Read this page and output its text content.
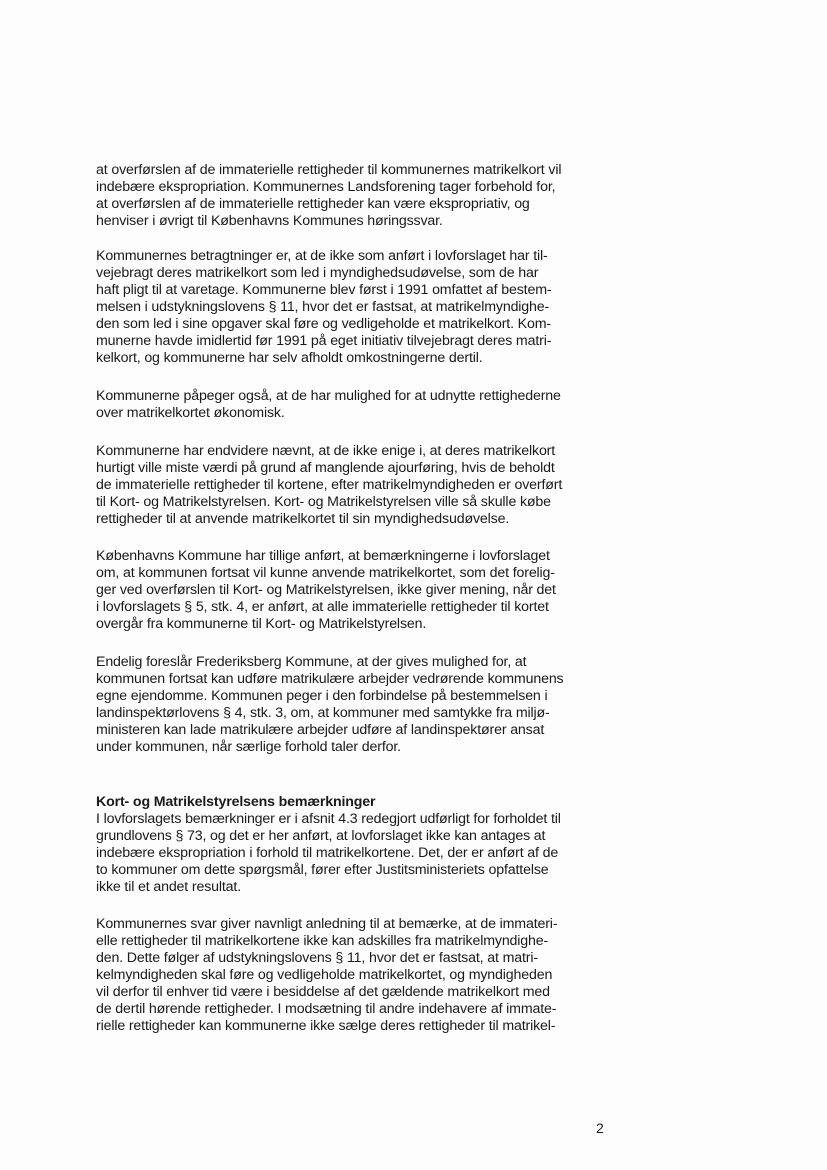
at overførslen af de immaterielle rettigheder til kommunernes matrikelkort vil
indebære ekspropriation. Kommunernes Landsforening tager forbehold for,
at overførslen af de immaterielle rettigheder kan være ekspropriativ, og
henviser i øvrigt til Københavns Kommunes høringssvar.
Kommunernes betragtninger er, at de ikke som anført i lovforslaget har til-
vejebragt deres matrikelkort som led i myndighedsudøvelse, som de har
haft pligt til at varetage. Kommunerne blev først i 1991 omfattet af bestem-
melsen i udstykningslovens § 11, hvor det er fastsat, at matrikelmyndighe-
den som led i sine opgaver skal føre og vedligeholde et matrikelkort. Kom-
munerne havde imidlertid før 1991 på eget initiativ tilvejebragt deres matri-
kelkort, og kommunerne har selv afholdt omkostningerne dertil.
Kommunerne påpeger også, at de har mulighed for at udnytte rettighederne
over matrikelkortet økonomisk.
Kommunerne har endvidere nævnt, at de ikke enige i, at deres matrikelkort
hurtigt ville miste værdi på grund af manglende ajourføring, hvis de beholdt
de immaterielle rettigheder til kortene, efter matrikelmyndigheden er overført
til Kort- og Matrikelstyrelsen. Kort- og Matrikelstyrelsen ville så skulle købe
rettigheder til at anvende matrikelkortet til sin myndighedsudøvelse.
Københavns Kommune har tillige anført, at bemærkningerne i lovforslaget
om, at kommunen fortsat vil kunne anvende matrikelkortet, som det forelig-
ger ved overførslen til Kort- og Matrikelstyrelsen, ikke giver mening, når det
i lovforslagets § 5, stk. 4, er anført, at alle immaterielle rettigheder til kortet
overgår fra kommunerne til Kort- og Matrikelstyrelsen.
Endelig foreslår Frederiksberg Kommune, at der gives mulighed for, at
kommunen fortsat kan udføre matrikulære arbejder vedrørende kommunens
egne ejendomme. Kommunen peger i den forbindelse på bestemmelsen i
landinspektørlovens § 4, stk. 3, om, at kommuner med samtykke fra miljø-
ministeren kan lade matrikulære arbejder udføre af landinspektører ansat
under kommunen, når særlige forhold taler derfor.
Kort- og Matrikelstyrelsens bemærkninger
I lovforslagets bemærkninger er i afsnit 4.3 redegjort udførligt for forholdet til
grundlovens § 73, og det er her anført, at lovforslaget ikke kan antages at
indebære ekspropriation i forhold til matrikelkortene. Det, der er anført af de
to kommuner om dette spørgsmål, fører efter Justitsministeriets opfattelse
ikke til et andet resultat.
Kommunernes svar giver navnligt anledning til at bemærke, at de immateri-
elle rettigheder til matrikelkortene ikke kan adskilles fra matrikelmyndighe-
den. Dette følger af udstykningslovens § 11, hvor det er fastsat, at matri-
kelmyndigheden skal føre og vedligeholde matrikelkortet, og myndigheden
vil derfor til enhver tid være i besiddelse af det gældende matrikelkort med
de dertil hørende rettigheder. I modsætning til andre indehavere af immate-
rielle rettigheder kan kommunerne ikke sælge deres rettigheder til matrikel-
2
